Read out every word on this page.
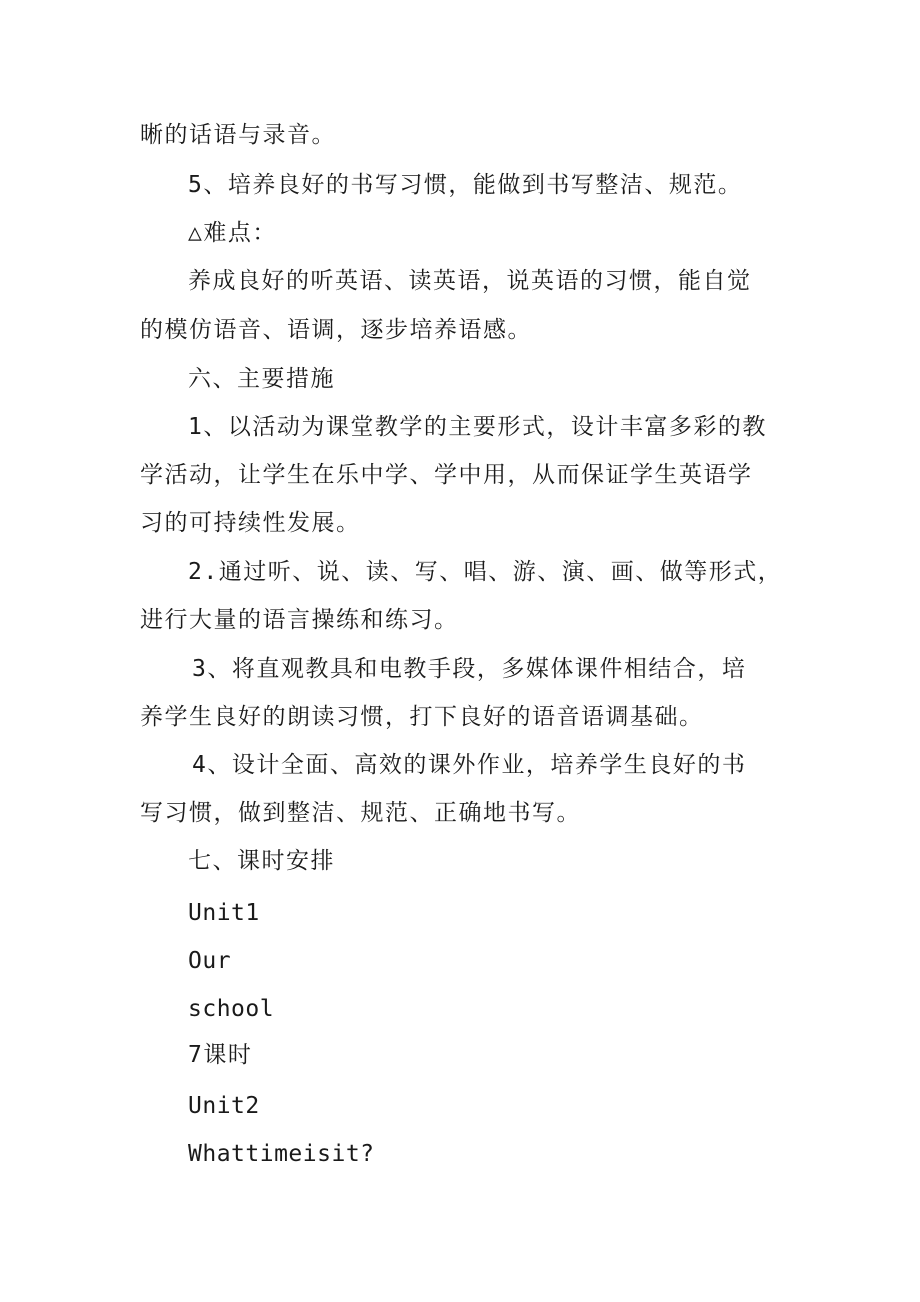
晰的话语与录音。
5、培养良好的书写习惯，能做到书写整洁、规范。
△难点：
养成良好的听英语、读英语，说英语的习惯，能自觉
的模仿语音、语调，逐步培养语感。
六、主要措施
1、以活动为课堂教学的主要形式，设计丰富多彩的教
学活动，让学生在乐中学、学中用，从而保证学生英语学
习的可持续性发展。
2.通过听、说、读、写、唱、游、演、画、做等形式，
进行大量的语言操练和练习。
3、将直观教具和电教手段，多媒体课件相结合，培
养学生良好的朗读习惯，打下良好的语音语调基础。
4、设计全面、高效的课外作业，培养学生良好的书
写习惯，做到整洁、规范、正确地书写。
七、课时安排
Unit1
Our
school
7课时
Unit2
Whattimeisit?
